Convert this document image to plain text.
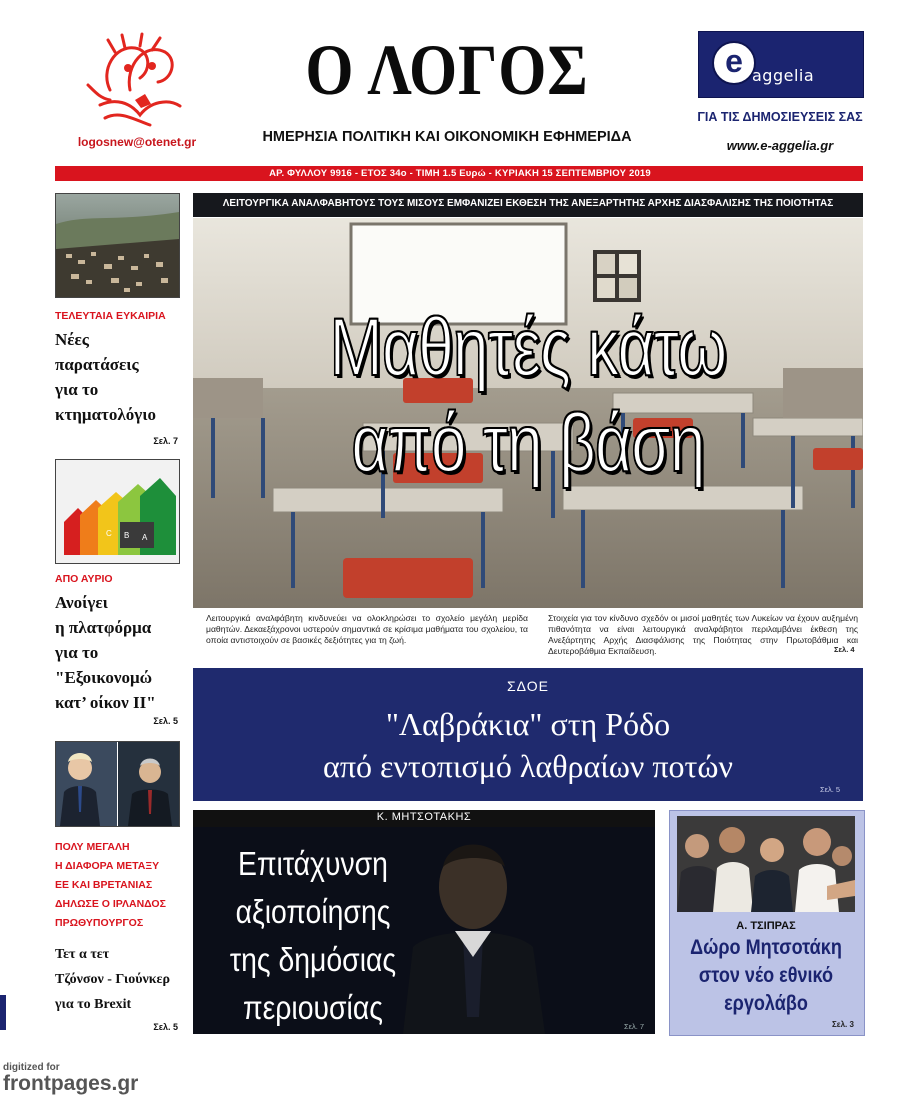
logosnew@otenet.gr
Ο ΛΟΓΟΣ
ΗΜΕΡΗΣΙΑ ΠΟΛΙΤΙΚΗ ΚΑΙ ΟΙΚΟΝΟΜΙΚΗ ΕΦΗΜΕΡΙΔΑ
e aggelia
ΓΙΑ ΤΙΣ ΔΗΜΟΣΙΕΥΣΕΙΣ ΣΑΣ
www.e-aggelia.gr
ΑΡ. ΦΥΛΛΟΥ 9916 - ΕΤΟΣ 34ο - ΤΙΜΗ 1.5 Ευρώ - ΚΥΡΙΑΚΗ 15 ΣΕΠΤΕΜΒΡΙΟΥ 2019
ΤΕΛΕΥΤΑΙΑ ΕΥΚΑΙΡΙΑ
Νέες
παρατάσεις
για το
κτηματολόγιο
Σελ. 7
C B A
ΑΠΟ ΑΥΡΙΟ
Ανοίγει
η πλατφόρμα
για το
"Εξοικονομώ
κατ’ οίκον ΙΙ"
Σελ. 5
ΠΟΛΥ ΜΕΓΑΛΗ
Η ΔΙΑΦΟΡΑ ΜΕΤΑΞΥ
ΕΕ ΚΑΙ ΒΡΕΤΑΝΙΑΣ
ΔΗΛΩΣΕ Ο ΙΡΛΑΝΔΟΣ
ΠΡΩΘΥΠΟΥΡΓΟΣ
Τετ α τετ
Τζόνσον - Γιούνκερ
για το Brexit
Σελ. 5
ΛΕΙΤΟΥΡΓΙΚΑ ΑΝΑΛΦΑΒΗΤΟΥΣ ΤΟΥΣ ΜΙΣΟΥΣ ΕΜΦΑΝΙΖΕΙ ΕΚΘΕΣΗ ΤΗΣ ΑΝΕΞΑΡΤΗΤΗΣ ΑΡΧΗΣ ΔΙΑΣΦΑΛΙΣΗΣ ΤΗΣ ΠΟΙΟΤΗΤΑΣ
Μαθητές κάτω
από τη βάση
Λειτουργικά αναλφάβητη κινδυνεύει να ολοκληρώσει το σχολείο μεγάλη μερίδα μαθητών. Δεκαεξάχρονοι υστερούν σημαντικά σε κρίσιμα μαθήματα του σχολείου, τα οποία αντιστοιχούν σε βασικές δεξιότητες για τη ζωή.
Στοιχεία για τον κίνδυνο σχεδόν οι μισοί μαθητές των Λυκείων να έχουν αυξημένη πιθανότητα να είναι λειτουργικά αναλφάβητοι περιλαμβάνει έκθεση της Ανεξάρτητης Αρχής Διασφάλισης της Ποιότητας στην Πρωτοβάθμια και Δευτεροβάθμια Εκπαίδευση.	Σελ. 4
ΣΔΟΕ
"Λαβράκια" στη Ρόδο
από εντοπισμό λαθραίων ποτών
Σελ. 5
Κ. ΜΗΤΣΟΤΑΚΗΣ
Επιτάχυνση
αξιοποίησης
της δημόσιας
περιουσίας
Σελ. 7
Α. ΤΣΙΠΡΑΣ
Δώρο Μητσοτάκη
στον νέο εθνικό
εργολάβο
Σελ. 3
digitized for
frontpages.gr
